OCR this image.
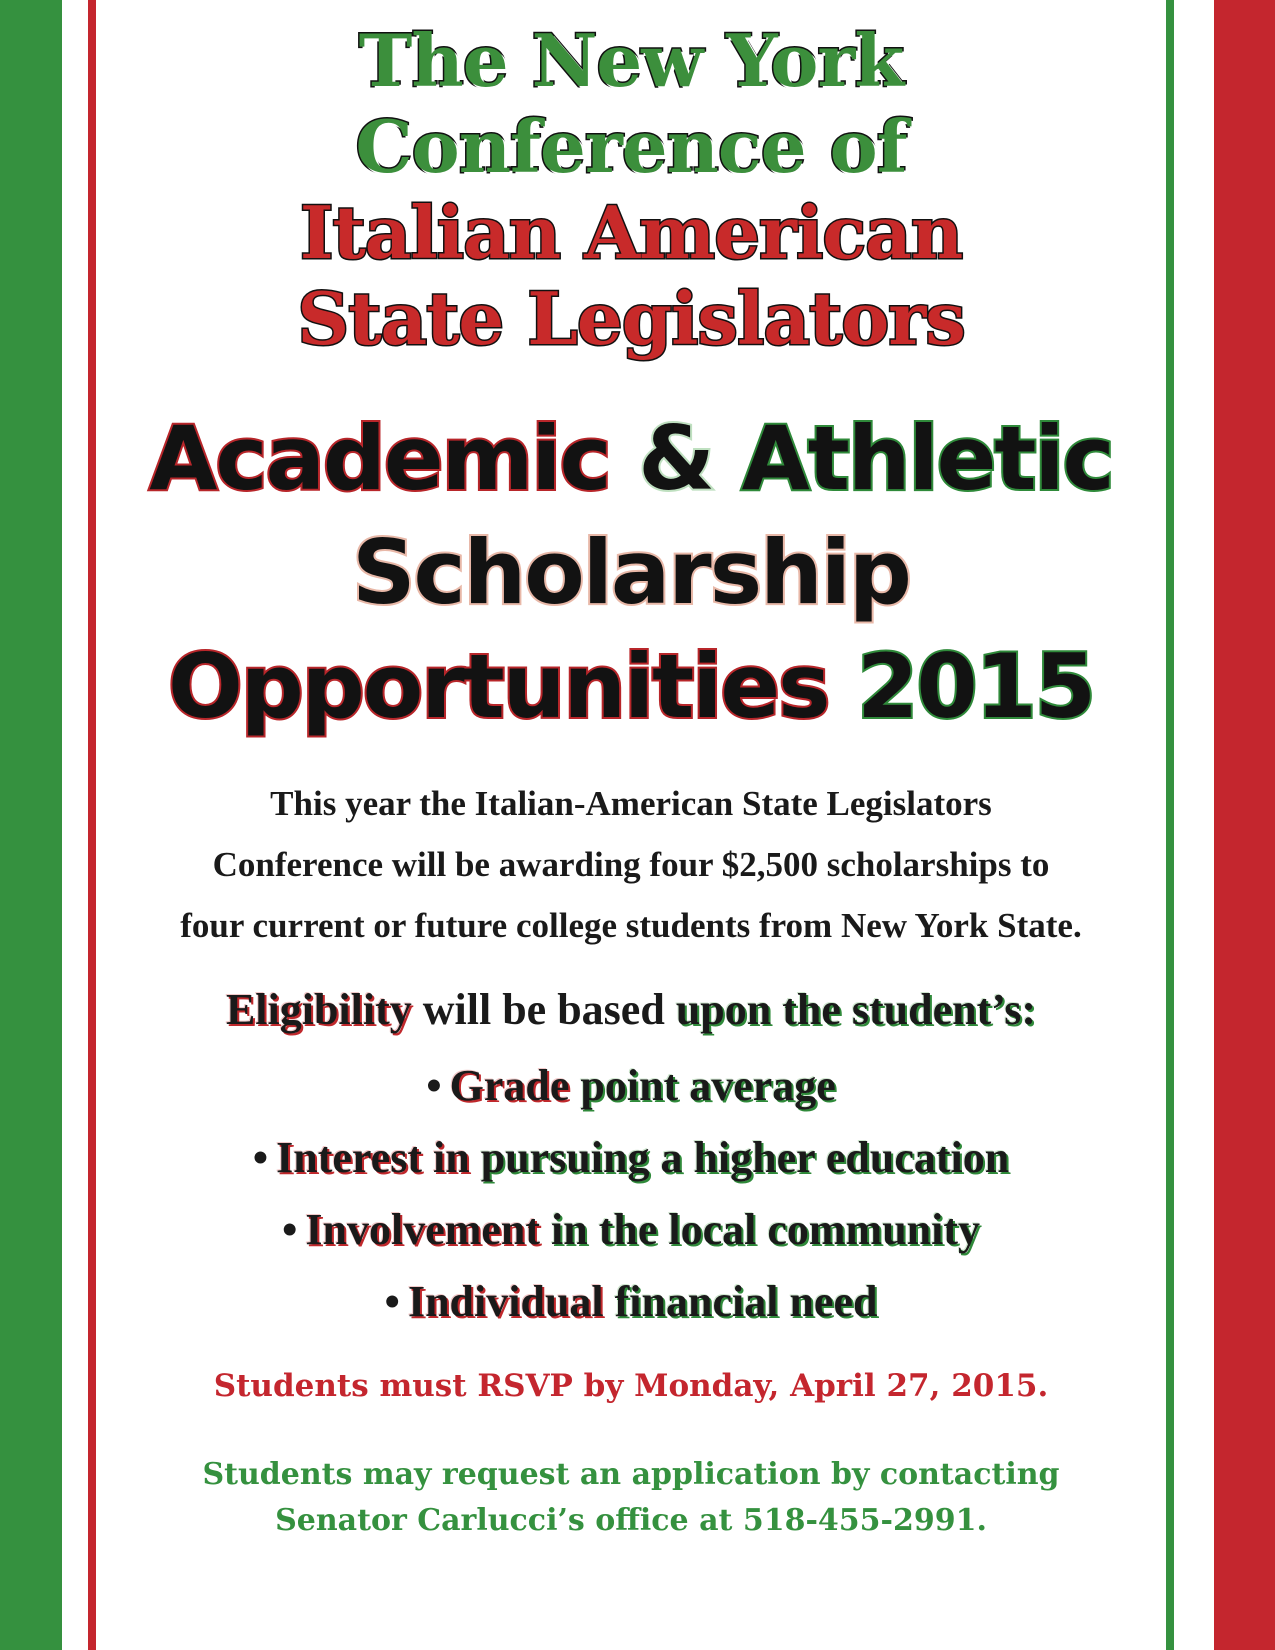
The New York
Conference of
Italian American
State Legislators
Academic & Athletic
Scholarship
Opportunities 2015

This year the Italian-American State Legislators
Conference will be awarding four $2,500 scholarships to
four current or future college students from New York State.

Eligibility will be based upon the student’s:

• Grade point average
• Interest in pursuing a higher education
• Involvement in the local community
• Individual financial need

Students must RSVP by Monday, April 27, 2015.

Students may request an application by contacting
Senator Carlucci’s office at 518-455-2991.
